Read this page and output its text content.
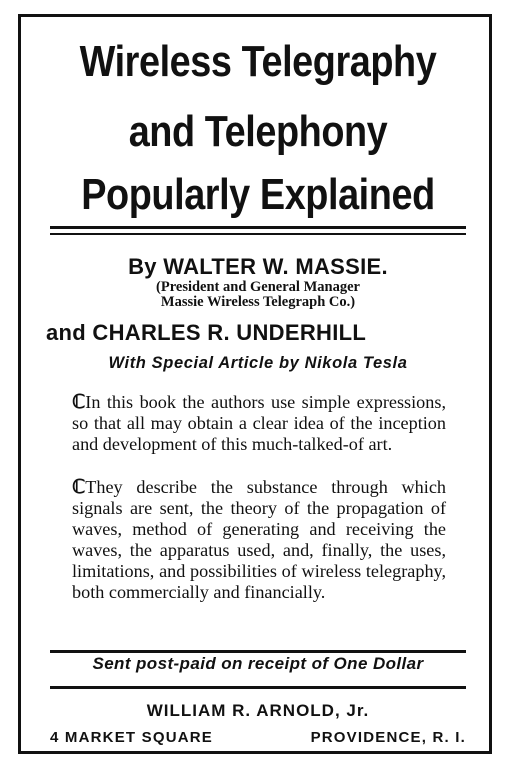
Wireless Telegraphy
and Telephony
Popularly Explained
By WALTER W. MASSIE.
(President and General Manager
Massie Wireless Telegraph Co.)
and CHARLES R. UNDERHILL
With Special Article by Nikola Tesla
ℂIn this book the authors use simple expressions, so that all may obtain a clear idea of the inception and development of this much-talked-of art.
ℂThey describe the substance through which signals are sent, the theory of the propagation of waves, method of generating and receiving the waves, the apparatus used, and, finally, the uses, limitations, and possibilities of wireless telegraphy, both commercially and financially.
Sent post-paid on receipt of One Dollar
WILLIAM R. ARNOLD, Jr.
4 MARKET SQUARE	PROVIDENCE, R. I.
